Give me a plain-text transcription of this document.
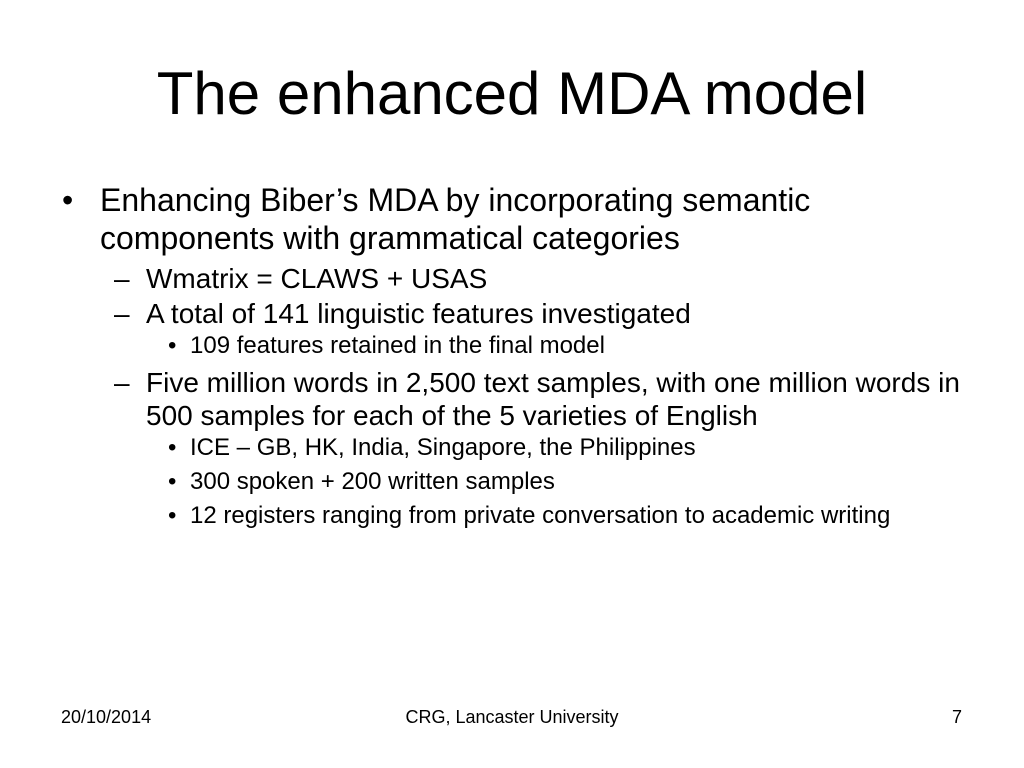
The enhanced MDA model
• Enhancing Biber’s MDA by incorporating semantic components with grammatical categories
– Wmatrix = CLAWS + USAS
– A total of 141 linguistic features investigated
• 109 features retained in the final model
– Five million words in 2,500 text samples, with one million words in 500 samples for each of the 5 varieties of English
• ICE – GB, HK, India, Singapore, the Philippines
• 300 spoken + 200 written samples
• 12 registers ranging from private conversation to academic writing
20/10/2014	CRG, Lancaster University	7
